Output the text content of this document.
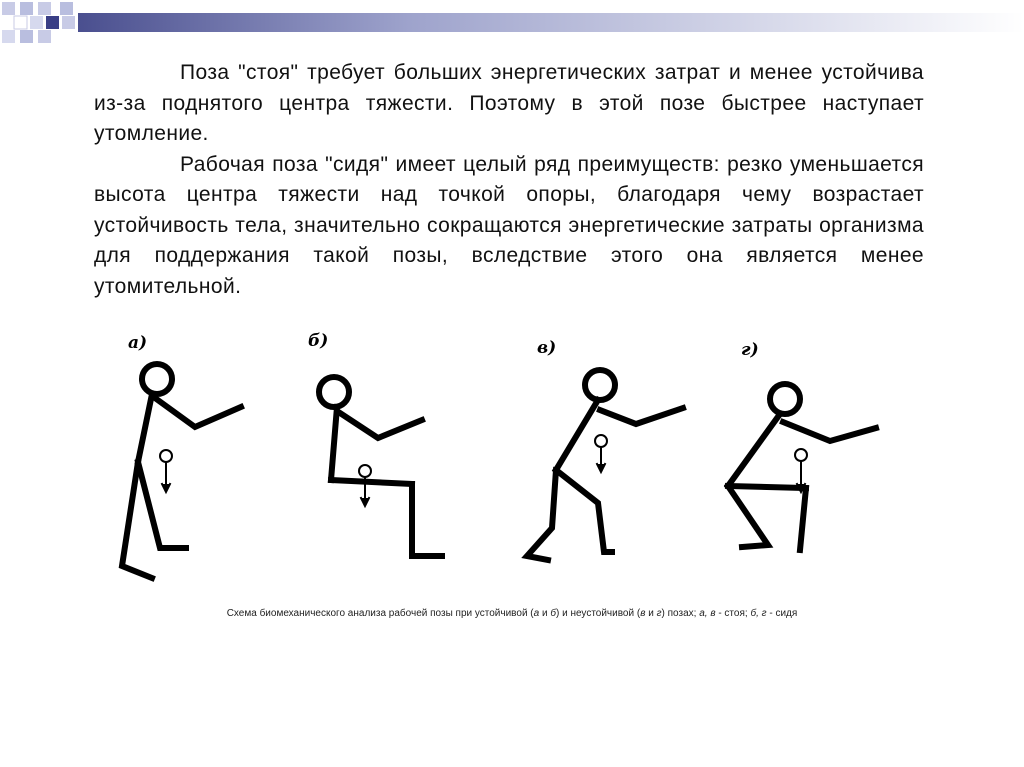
Поза "стоя" требует больших энергетических затрат и менее устойчива из-за поднятого центра тяжести. Поэтому в этой позе быстрее наступает утомление.

Рабочая поза "сидя" имеет целый ряд преимуществ: резко уменьшается высота центра тяжести над точкой опоры, благодаря чему возрастает устойчивость тела, значительно сокращаются энергетические затраты организма для поддержания такой позы, вследствие этого она является менее утомительной.

а)	б)	в)	г)
Схема биомеханического анализа рабочей позы при устойчивой (а и б) и неустойчивой (в и г) позах; а, в - стоя; б, г - сидя
